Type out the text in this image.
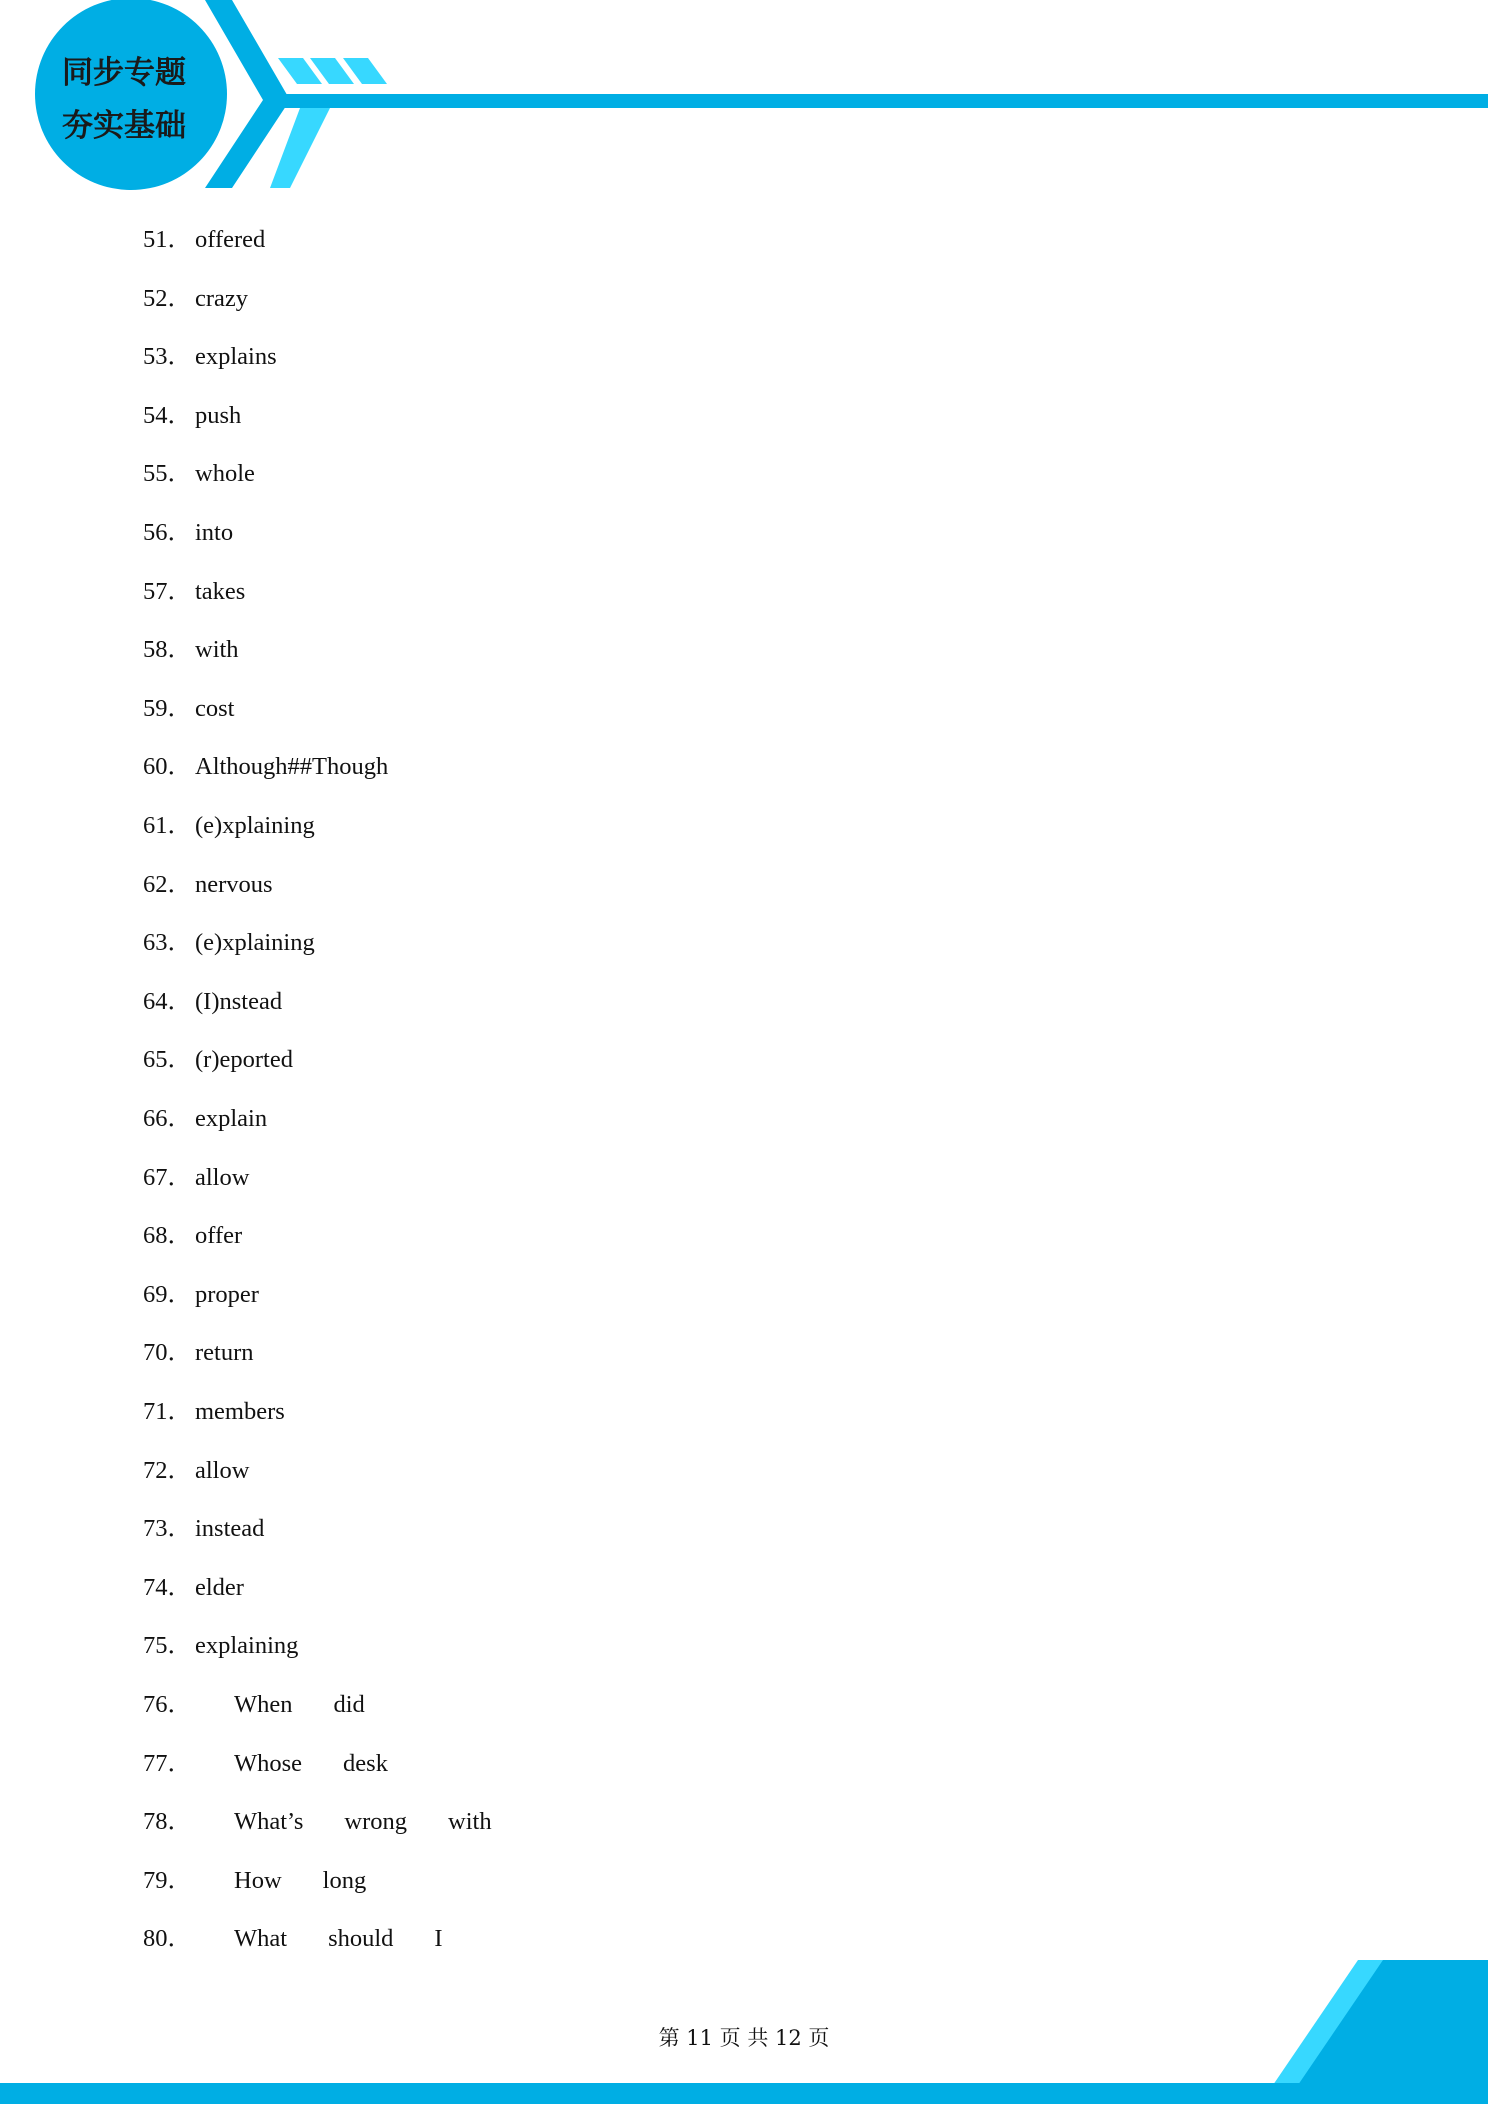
同步专题
夯实基础
51． offered
52． crazy
53． explains
54． push
55． whole
56． into
57． takes
58． with
59． cost
60． Although##Though
61． (e)xplaining
62． nervous
63． (e)xplaining
64． (I)nstead
65． (r)eported
66． explain
67． allow
68． offer
69． proper
70． return
71． members
72． allow
73． instead
74． elder
75． explaining
76． When did
77． Whose desk
78． What’s wrong with
79． How long
80． What should I
第 11 页 共 12 页
